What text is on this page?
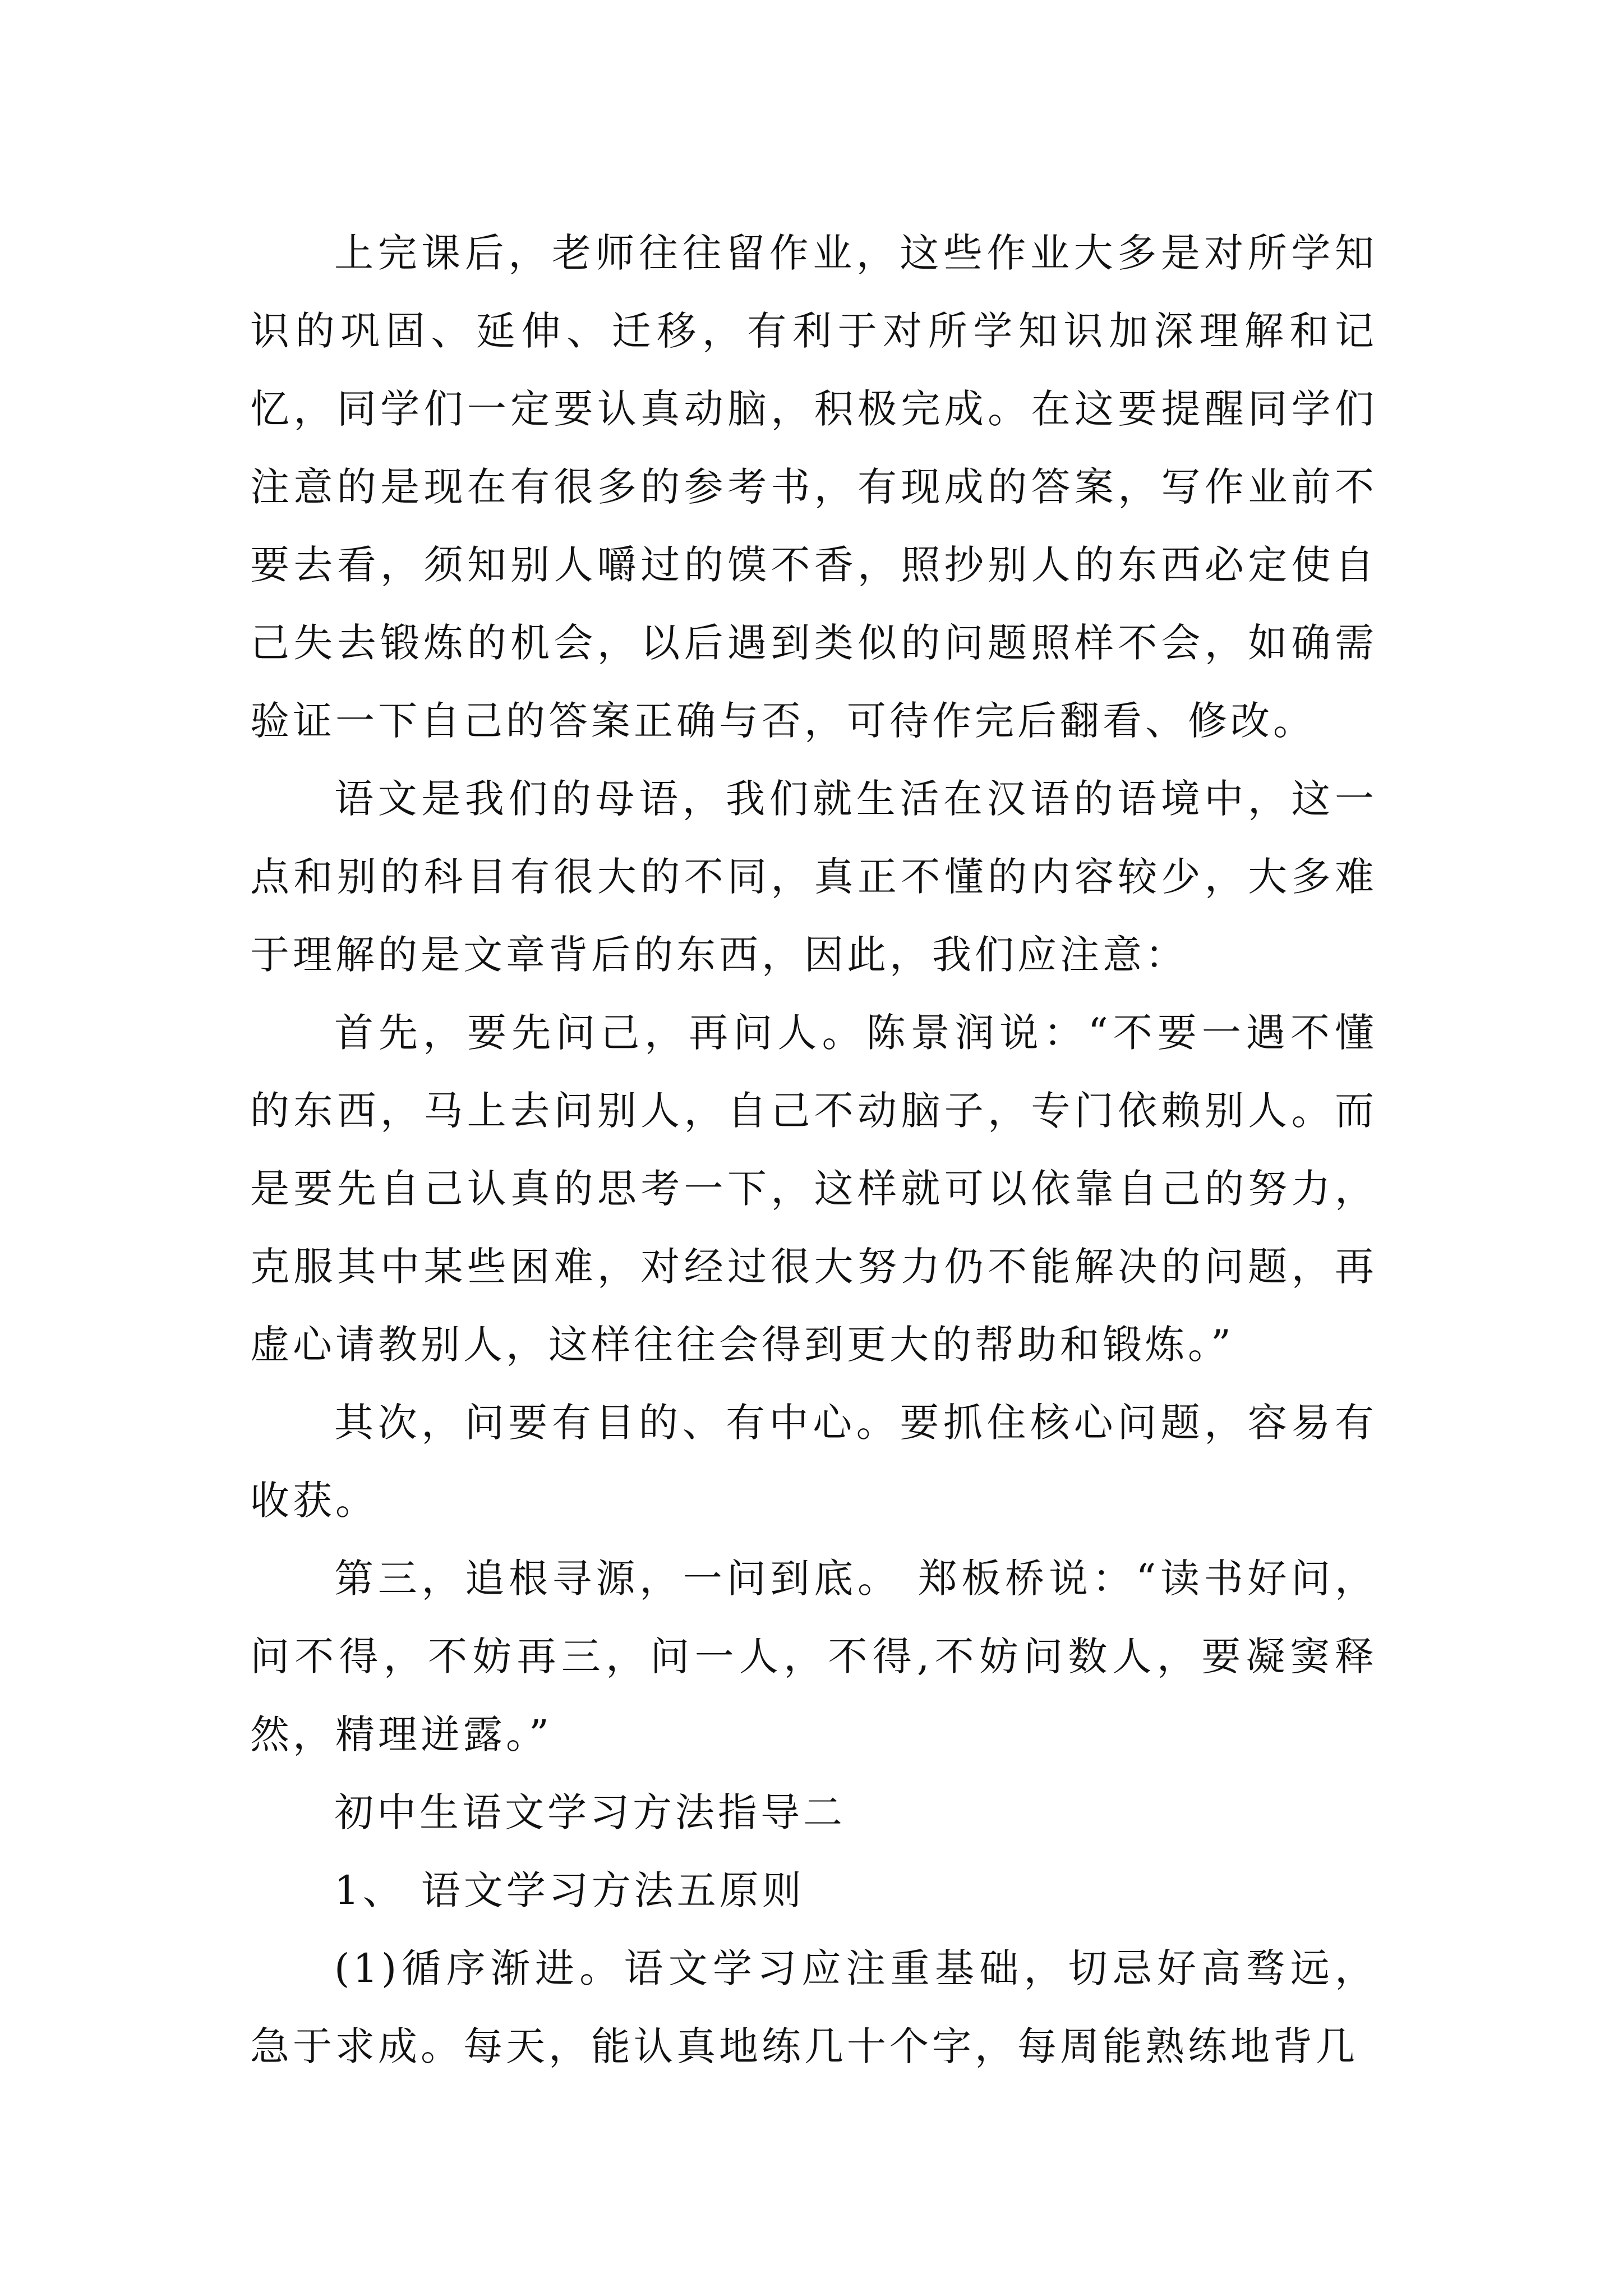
上完课后，老师往往留作业，这些作业大多是对所学知识的巩固、延伸、迁移，有利于对所学知识加深理解和记忆，同学们一定要认真动脑，积极完成。在这要提醒同学们注意的是现在有很多的参考书，有现成的答案，写作业前不要去看，须知别人嚼过的馍不香，照抄别人的东西必定使自己失去锻炼的机会，以后遇到类似的问题照样不会，如确需验证一下自己的答案正确与否，可待作完后翻看、修改。

语文是我们的母语，我们就生活在汉语的语境中，这一点和别的科目有很大的不同，真正不懂的内容较少，大多难于理解的是文章背后的东西，因此，我们应注意：

首先，要先问己，再问人。陈景润说：“不要一遇不懂的东西，马上去问别人，自己不动脑子，专门依赖别人。而是要先自己认真的思考一下，这样就可以依靠自己的努力，克服其中某些困难，对经过很大努力仍不能解决的问题，再虚心请教别人，这样往往会得到更大的帮助和锻炼。”

其次，问要有目的、有中心。要抓住核心问题，容易有收获。

第三，追根寻源，一问到底。 郑板桥说：“读书好问，问不得，不妨再三，问一人，不得,不妨问数人，要凝窦释然，精理迸露。”

初中生语文学习方法指导二

1、 语文学习方法五原则

(1)循序渐进。语文学习应注重基础，切忌好高骛远，急于求成。每天，能认真地练几十个字，每周能熟练地背几
